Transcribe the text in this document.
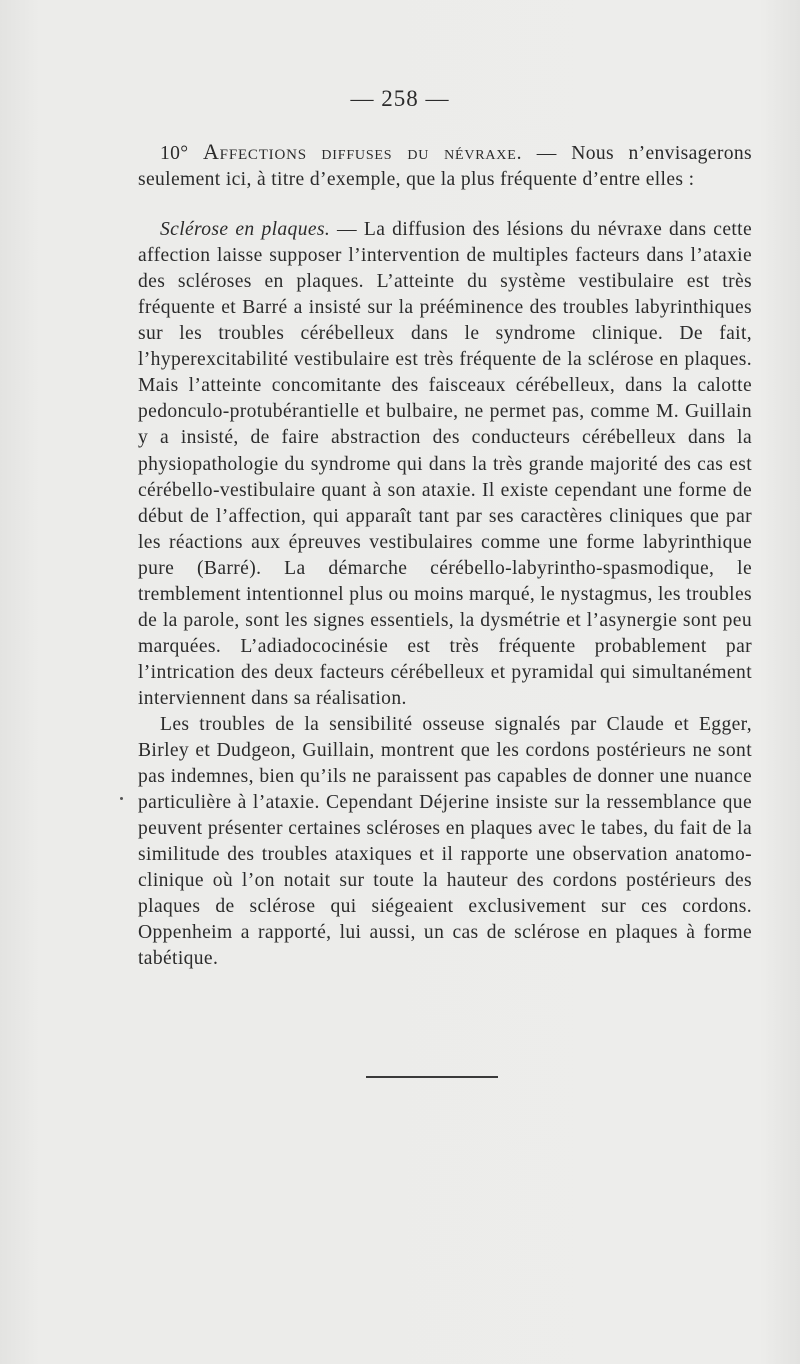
— 258 —

10° Affections diffuses du névraxe. — Nous n’envisagerons seulement ici, à titre d’exemple, que la plus fréquente d’entre elles :

Sclérose en plaques. — La diffusion des lésions du névraxe dans cette affection laisse supposer l’intervention de multiples facteurs dans l’ataxie des scléroses en plaques. L’atteinte du système vestibulaire est très fréquente et Barré a insisté sur la prééminence des troubles labyrinthiques sur les troubles cérébelleux dans le syndrome clinique. De fait, l’hyperexcitabilité vestibulaire est très fréquente de la sclérose en plaques. Mais l’atteinte concomitante des faisceaux cérébelleux, dans la calotte pedonculo-protubérantielle et bulbaire, ne permet pas, comme M. Guillain y a insisté, de faire abstraction des conducteurs cérébelleux dans la physiopathologie du syndrome qui dans la très grande majorité des cas est cérébello-vestibulaire quant à son ataxie. Il existe cependant une forme de début de l’affection, qui apparaît tant par ses caractères cliniques que par les réactions aux épreuves vestibulaires comme une forme labyrinthique pure (Barré). La démarche cérébello-labyrintho-spasmodique, le tremblement intentionnel plus ou moins marqué, le nystagmus, les troubles de la parole, sont les signes essentiels, la dysmétrie et l’asynergie sont peu marquées. L’adiadococinésie est très fréquente probablement par l’intrication des deux facteurs cérébelleux et pyramidal qui simultanément interviennent dans sa réalisation.

Les troubles de la sensibilité osseuse signalés par Claude et Egger, Birley et Dudgeon, Guillain, montrent que les cordons postérieurs ne sont pas indemnes, bien qu’ils ne paraissent pas capables de donner une nuance particulière à l’ataxie. Cependant Déjerine insiste sur la ressemblance que peuvent présenter certaines scléroses en plaques avec le tabes, du fait de la similitude des troubles ataxiques et il rapporte une observation anatomo-clinique où l’on notait sur toute la hauteur des cordons postérieurs des plaques de sclérose qui siégeaient exclusivement sur ces cordons. Oppenheim a rapporté, lui aussi, un cas de sclérose en plaques à forme tabétique.
